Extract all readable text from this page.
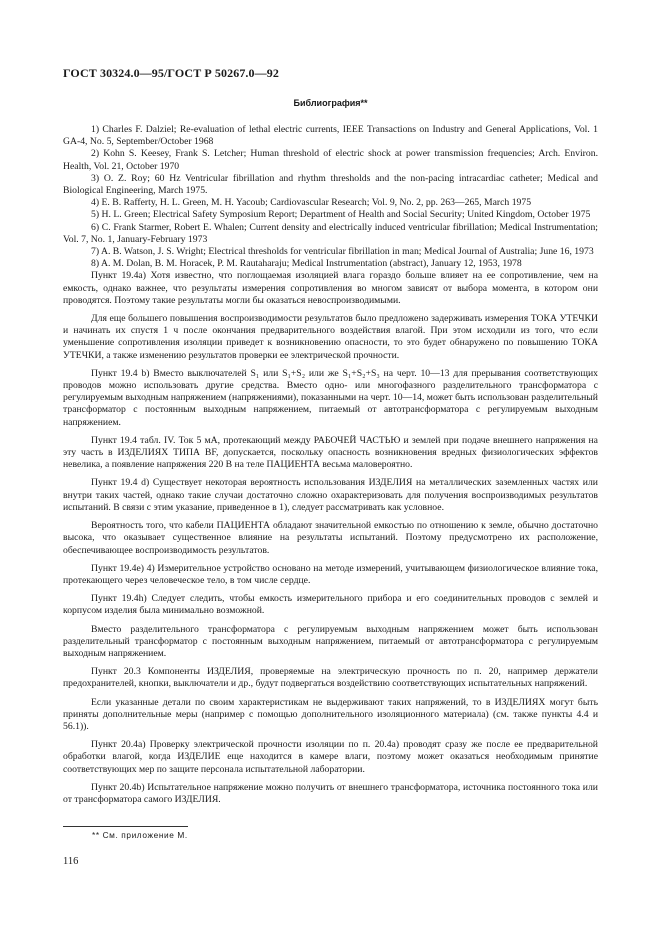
ГОСТ 30324.0—95/ГОСТ Р 50267.0—92
Библиография**

1) Charles F. Dalziel; Re-evaluation of lethal electric currents, IEEE Transactions on Industry and General Applications, Vol. 1 GA-4, No. 5, September/October 1968

2) Kohn S. Keesey, Frank S. Letcher; Human threshold of electric shock at power transmission frequencies; Arch. Environ. Health, Vol. 21, October 1970

3) O. Z. Roy; 60 Hz Ventricular fibrillation and rhythm thresholds and the non-pacing intracardiac catheter; Medical and Biological Engineering, March 1975.

4) E. B. Rafferty, H. L. Green, M. H. Yacoub; Cardiovascular Research; Vol. 9, No. 2, pp. 263—265, March 1975

5) H. L. Green; Electrical Safety Symposium Report; Department of Health and Social Security; United Kingdom, October 1975

6) C. Frank Starmer, Robert E. Whalen; Current density and electrically induced ventricular fibrillation; Medical Instrumentation; Vol. 7, No. 1, January-February 1973

7) A. B. Watson, J. S. Wright; Electrical thresholds for ventricular fibrillation in man; Medical Journal of Australia; June 16, 1973

8) A. M. Dolan, B. M. Horacek, P. M. Rautaharaju; Medical Instrumentation (abstract), January 12, 1953, 1978

Пункт 19.4а) Хотя известно, что поглощаемая изоляцией влага гораздо больше влияет на ее сопротивление, чем на емкость, однако важнее, что результаты измерения сопротивления во многом зависят от выбора момента, в котором они проводятся. Поэтому такие результаты могли бы оказаться невоспроизводимыми.

Для еще большего повышения воспроизводимости результатов было предложено задерживать измерения ТОКА УТЕЧКИ и начинать их спустя 1 ч после окончания предварительного воздействия влагой. При этом исходили из того, что если уменьшение сопротивления изоляции приведет к возникновению опасности, то это будет обнаружено по повышению ТОКА УТЕЧКИ, а также изменению результатов проверки ее электрической прочности.

Пункт 19.4 b) Вместо выключателей S₁ или S₁+S₂ или же S₁+S₂+S₃ на черт. 10—13 для прерывания соответствующих проводов можно использовать другие средства. Вместо одно- или многофазного разделительного трансформатора с регулируемым выходным напряжением (напряжениями), показанными на черт. 10—14, может быть использован разделительный трансформатор с постоянным выходным напряжением, питаемый от автотрансформатора с регулируемым выходным напряжением.

Пункт 19.4 табл. IV. Ток 5 мА, протекающий между РАБОЧЕЙ ЧАСТЬЮ и землей при подаче внешнего напряжения на эту часть в ИЗДЕЛИЯХ ТИПА BF, допускается, поскольку опасность возникновения вредных физиологических эффектов невелика, а появление напряжения 220 В на теле ПАЦИЕНТА весьма маловероятно.

Пункт 19.4 d) Существует некоторая вероятность использования ИЗДЕЛИЯ на металлических заземленных частях или внутри таких частей, однако такие случаи достаточно сложно охарактеризовать для получения воспроизводимых результатов испытаний. В связи с этим указание, приведенное в 1), следует рассматривать как условное.

Вероятность того, что кабели ПАЦИЕНТА обладают значительной емкостью по отношению к земле, обычно достаточно высока, что оказывает существенное влияние на результаты испытаний. Поэтому предусмотрено их расположение, обеспечивающее воспроизводимость результатов.

Пункт 19.4е) 4) Измерительное устройство основано на методе измерений, учитывающем физиологическое влияние тока, протекающего через человеческое тело, в том числе сердце.

Пункт 19.4h) Следует следить, чтобы емкость измерительного прибора и его соединительных проводов с землей и корпусом изделия была минимально возможной.

Вместо разделительного трансформатора с регулируемым выходным напряжением может быть использован разделительный трансформатор с постоянным выходным напряжением, питаемый от автотрансформатора с регулируемым выходным напряжением.

Пункт 20.3 Компоненты ИЗДЕЛИЯ, проверяемые на электрическую прочность по п. 20, например держатели предохранителей, кнопки, выключатели и др., будут подвергаться воздействию соответствующих испытательных напряжений.

Если указанные детали по своим характеристикам не выдерживают таких напряжений, то в ИЗДЕЛИЯХ могут быть приняты дополнительные меры (например с помощью дополнительного изоляционного материала) (см. также пункты 4.4 и 56.1)).

Пункт 20.4а) Проверку электрической прочности изоляции по п. 20.4а) проводят сразу же после ее предварительной обработки влагой, когда ИЗДЕЛИЕ еще находится в камере влаги, поэтому может оказаться необходимым принятие соответствующих мер по защите персонала испытательной лаборатории.

Пункт 20.4b) Испытательное напряжение можно получить от внешнего трансформатора, источника постоянного тока или от трансформатора самого ИЗДЕЛИЯ.

** См. приложение М.
116
